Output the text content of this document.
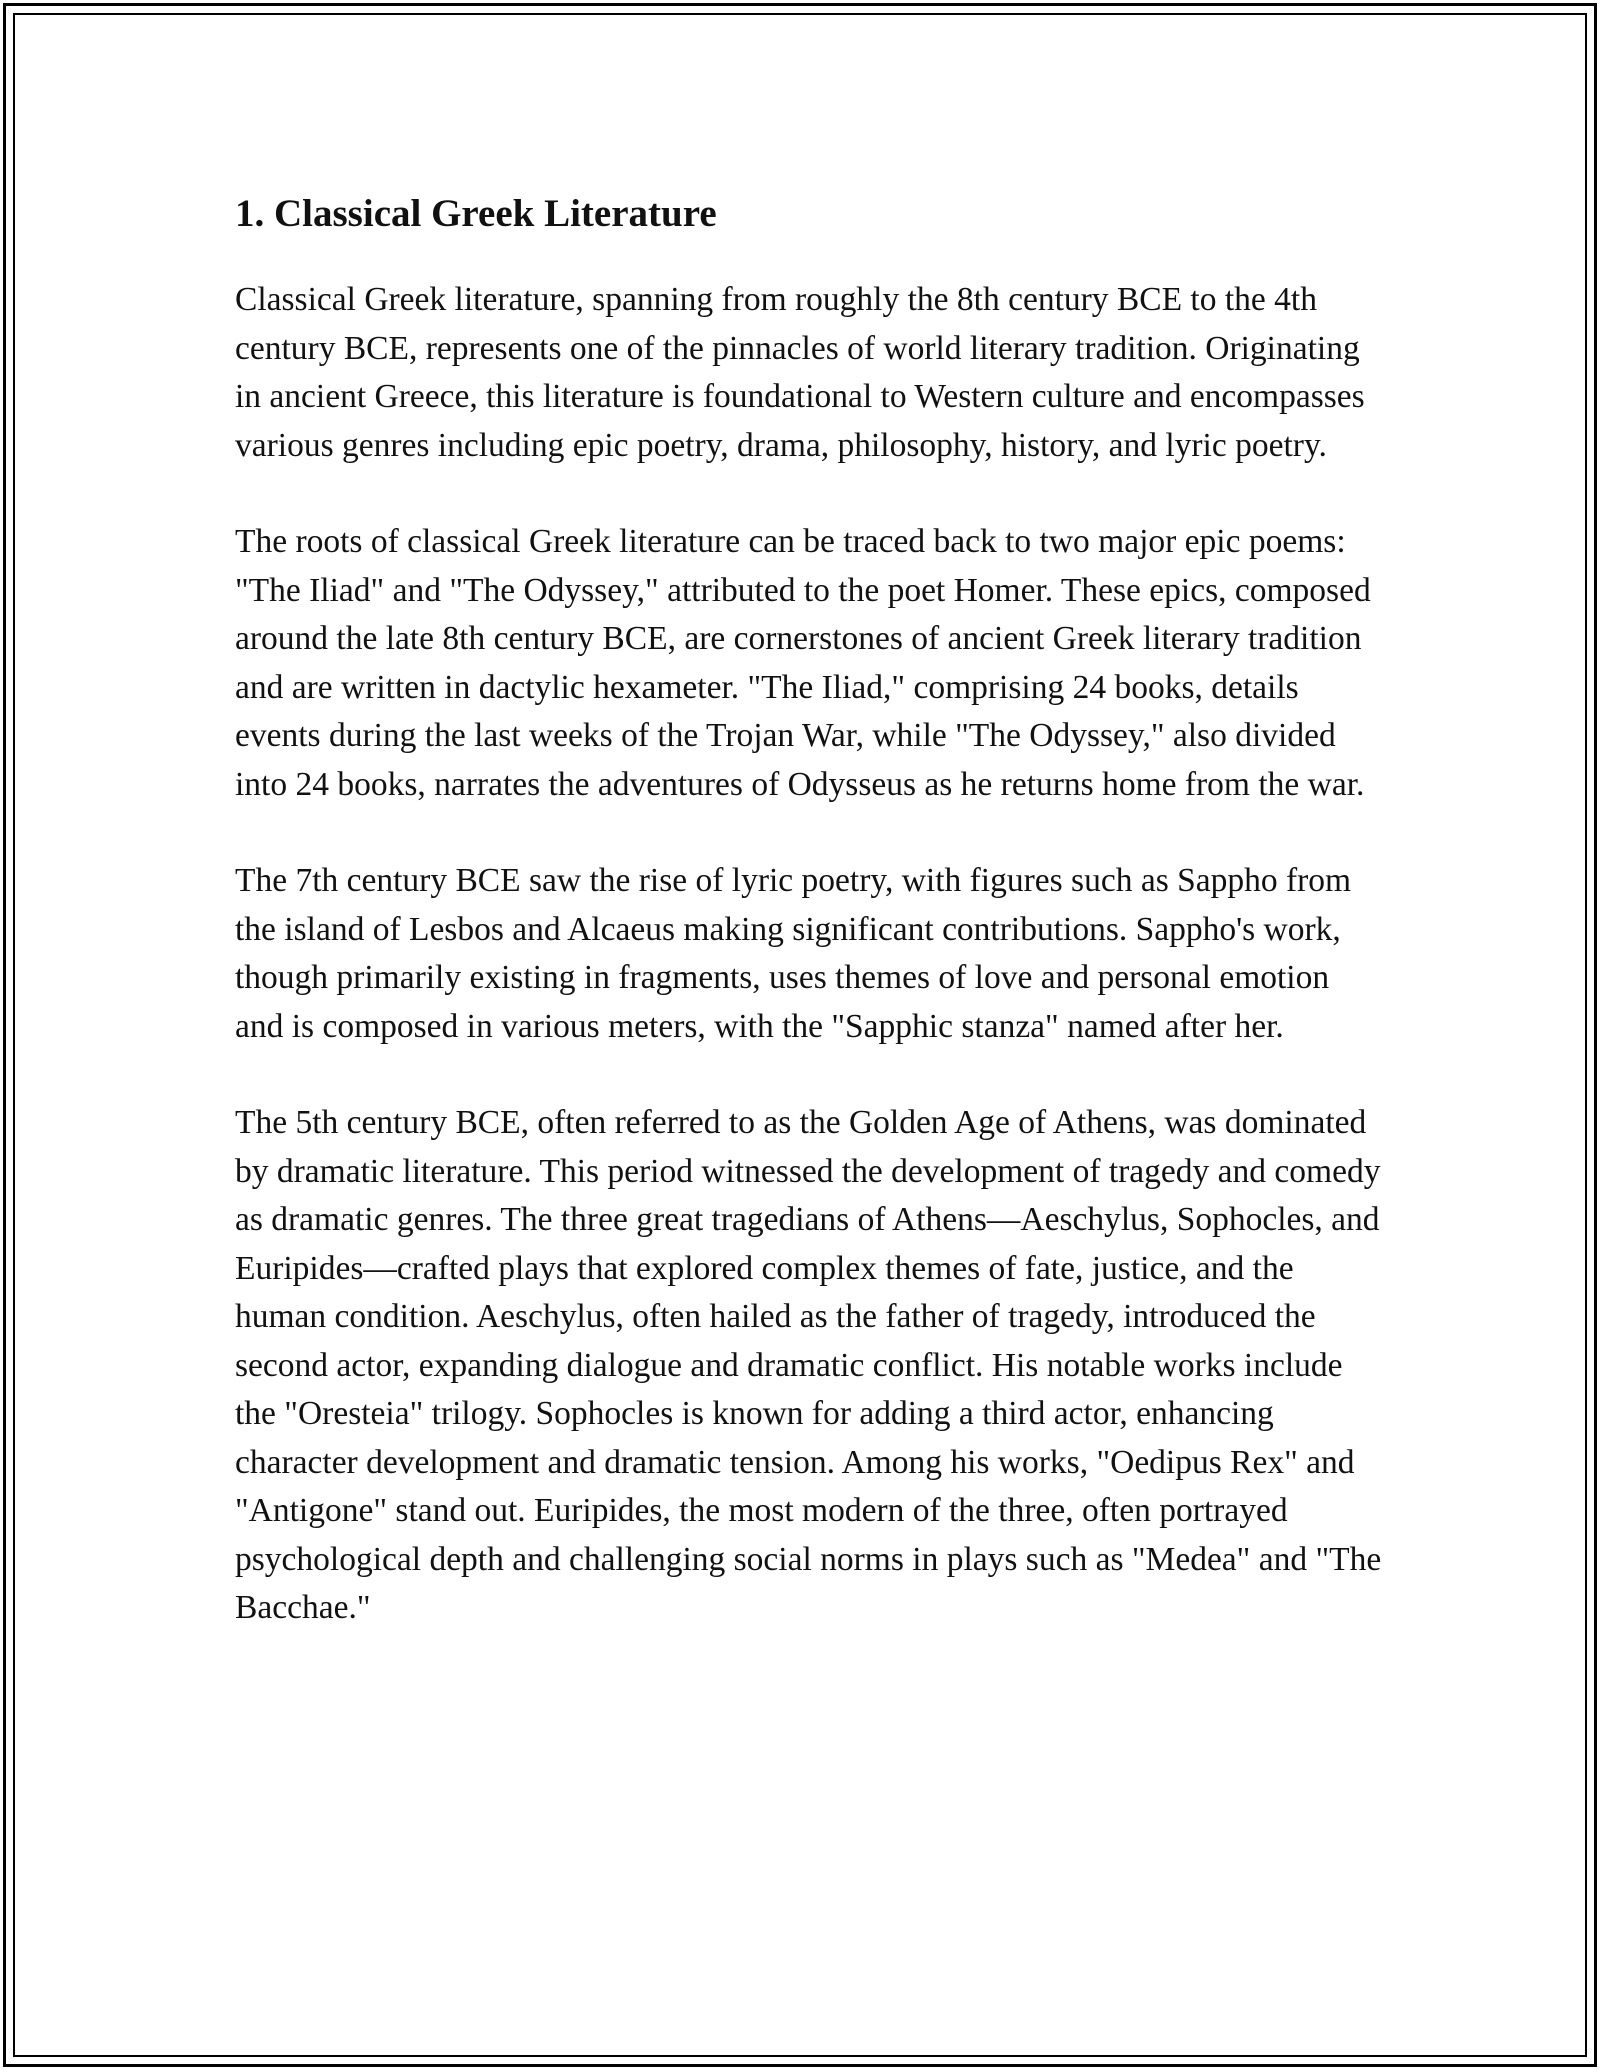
1. Classical Greek Literature

Classical Greek literature, spanning from roughly the 8th century BCE to the 4th century BCE, represents one of the pinnacles of world literary tradition. Originating in ancient Greece, this literature is foundational to Western culture and encompasses various genres including epic poetry, drama, philosophy, history, and lyric poetry.

The roots of classical Greek literature can be traced back to two major epic poems: "The Iliad" and "The Odyssey," attributed to the poet Homer. These epics, composed around the late 8th century BCE, are cornerstones of ancient Greek literary tradition and are written in dactylic hexameter. "The Iliad," comprising 24 books, details events during the last weeks of the Trojan War, while "The Odyssey," also divided into 24 books, narrates the adventures of Odysseus as he returns home from the war.

The 7th century BCE saw the rise of lyric poetry, with figures such as Sappho from the island of Lesbos and Alcaeus making significant contributions. Sappho's work, though primarily existing in fragments, uses themes of love and personal emotion and is composed in various meters, with the "Sapphic stanza" named after her.

The 5th century BCE, often referred to as the Golden Age of Athens, was dominated by dramatic literature. This period witnessed the development of tragedy and comedy as dramatic genres. The three great tragedians of Athens—Aeschylus, Sophocles, and Euripides—crafted plays that explored complex themes of fate, justice, and the human condition. Aeschylus, often hailed as the father of tragedy, introduced the second actor, expanding dialogue and dramatic conflict. His notable works include the "Oresteia" trilogy. Sophocles is known for adding a third actor, enhancing character development and dramatic tension. Among his works, "Oedipus Rex" and "Antigone" stand out. Euripides, the most modern of the three, often portrayed psychological depth and challenging social norms in plays such as "Medea" and "The Bacchae."
